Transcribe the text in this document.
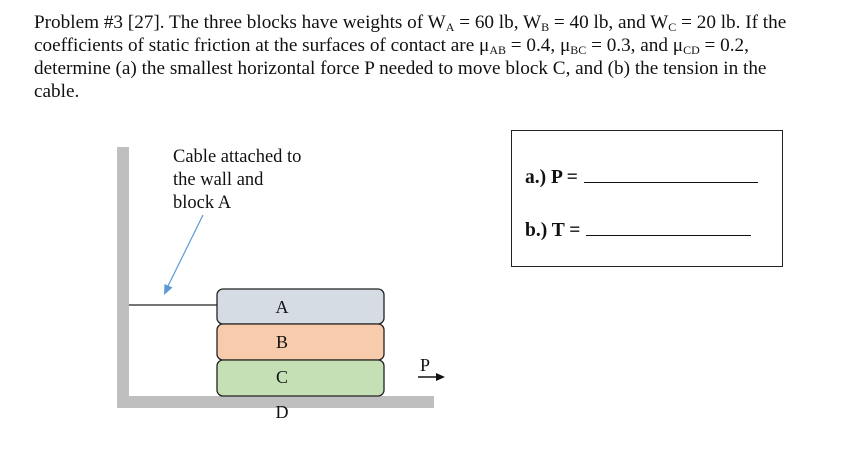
Problem #3 [27]. The three blocks have weights of $W_A = 60$ lb, $W_B = 40$ lb, and $W_C = 20$ lb. If the coefficients of static friction at the surfaces of contact are $\mu_{AB} = 0.4$, $\mu_{BC} = 0.3$, and $\mu_{CD} = 0.2$, determine (a) the smallest horizontal force P needed to move block C, and (b) the tension in the cable.
Cable attached to
the wall and
block A
A
B
C
D
P
a.) P =
b.) T =
